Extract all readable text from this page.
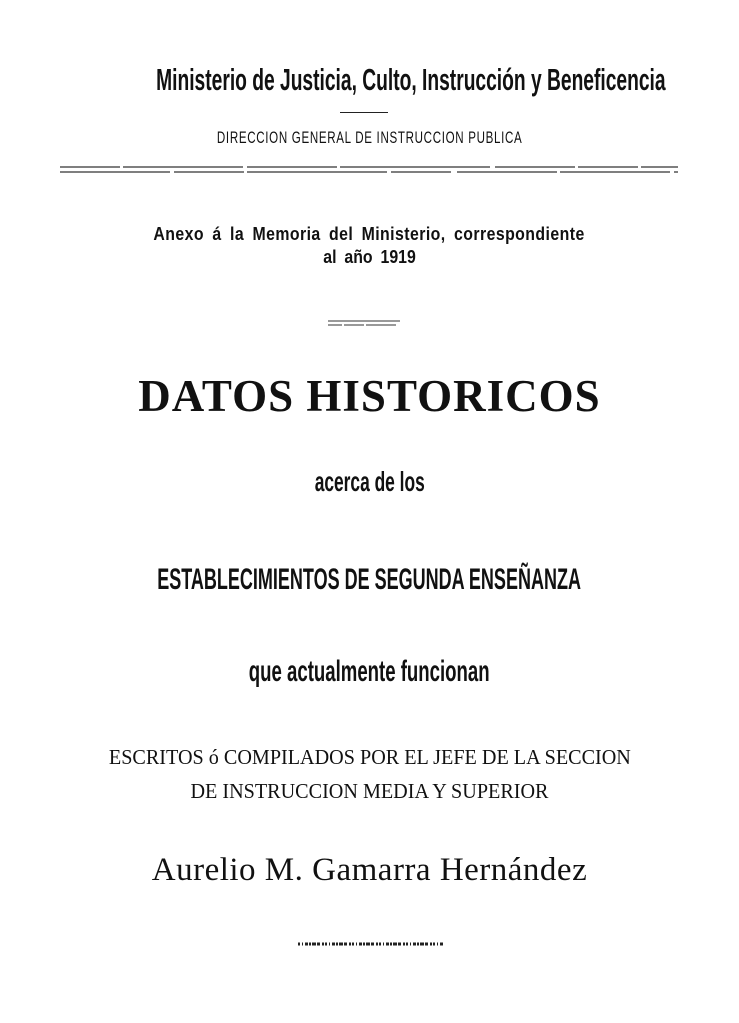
Ministerio de Justicia, Culto, Instrucción y Beneficencia
DIRECCION GENERAL DE INSTRUCCION PUBLICA
Anexo á la Memoria del Ministerio, correspondiente
al año 1919
DATOS HISTORICOS
acerca de los
ESTABLECIMIENTOS DE SEGUNDA ENSEÑANZA
que actualmente funcionan
ESCRITOS ó COMPILADOS POR EL JEFE DE LA SECCION
DE INSTRUCCION MEDIA Y SUPERIOR
Aurelio M. Gamarra Hernández
